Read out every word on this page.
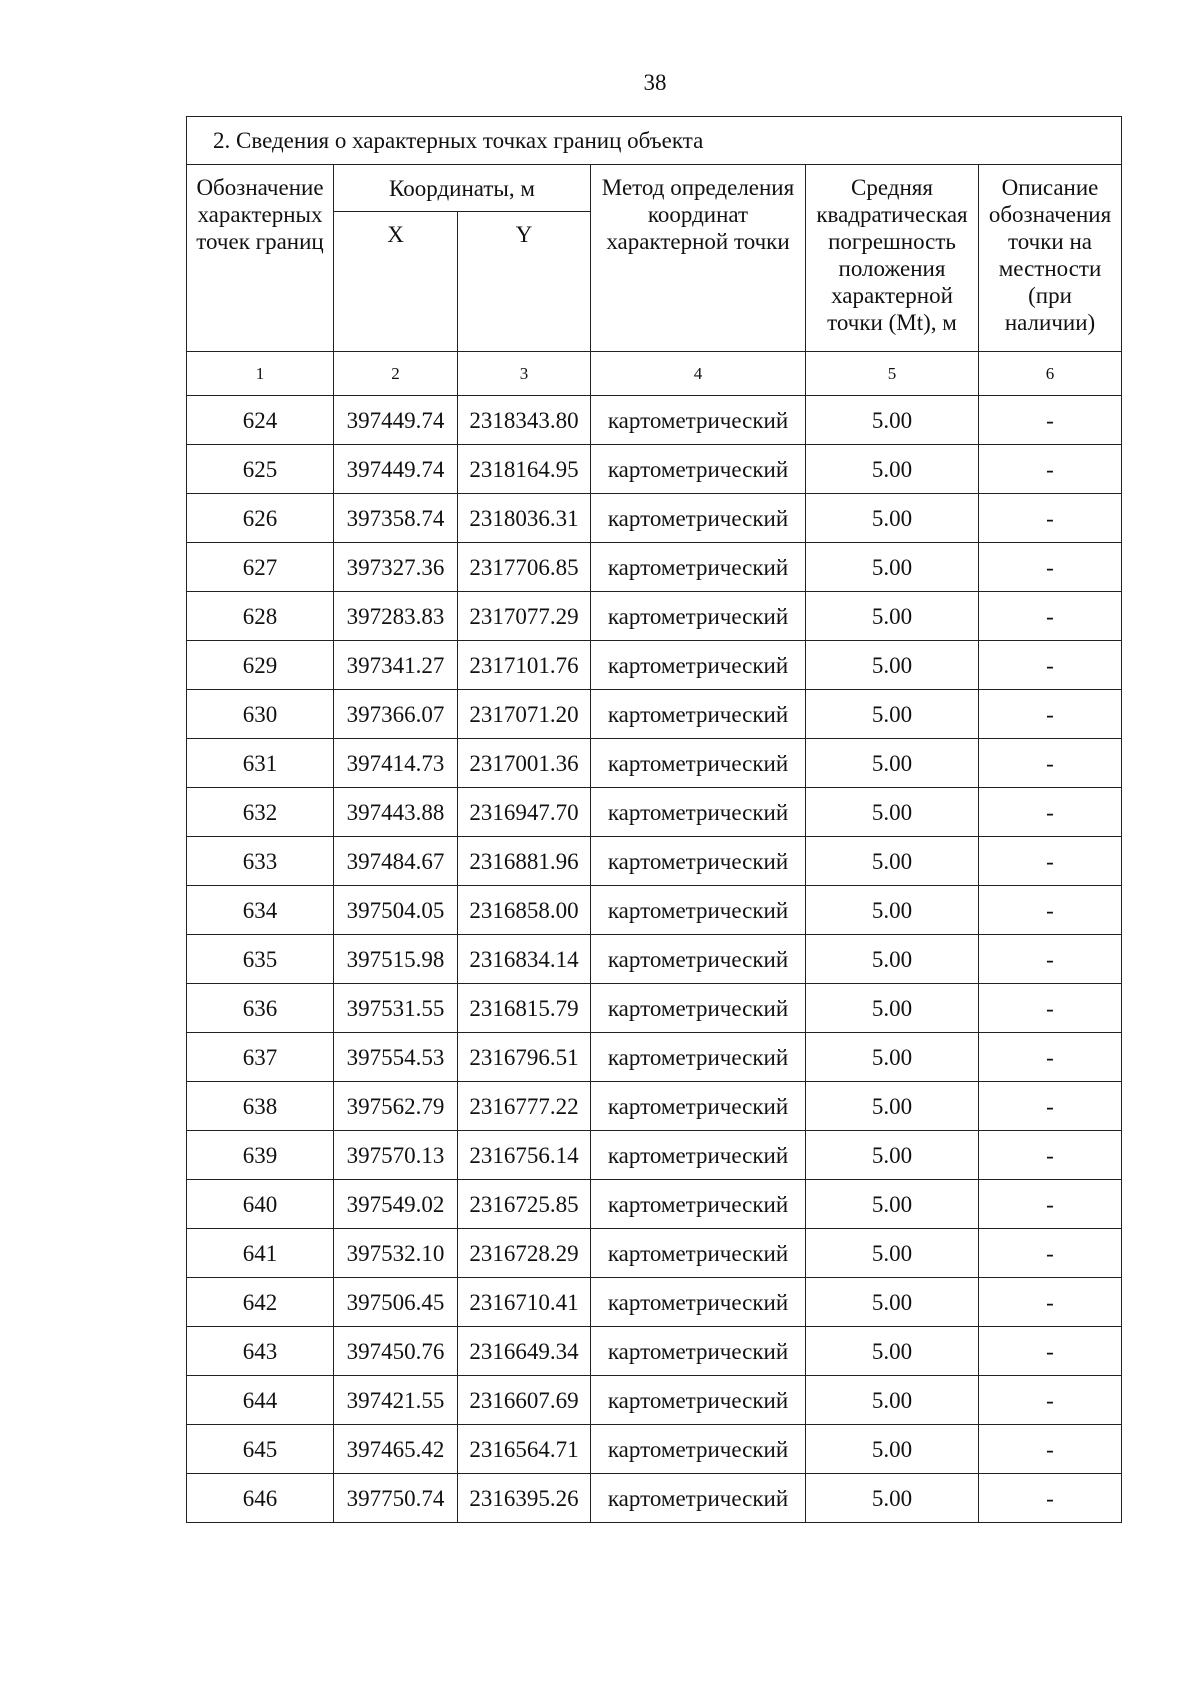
38
2. Сведения о характерных точках границ объекта					
Обозначение характерных точек границ	Координаты, м		Метод определения координат характерной точки	Средняя квадратическая погрешность положения характерной точки (Mt), м	Описание обозначения точки на местности (при наличии)
	X	Y			
1	2	3	4	5	6
624	397449.74	2318343.80	картометрический	5.00	-
625	397449.74	2318164.95	картометрический	5.00	-
626	397358.74	2318036.31	картометрический	5.00	-
627	397327.36	2317706.85	картометрический	5.00	-
628	397283.83	2317077.29	картометрический	5.00	-
629	397341.27	2317101.76	картометрический	5.00	-
630	397366.07	2317071.20	картометрический	5.00	-
631	397414.73	2317001.36	картометрический	5.00	-
632	397443.88	2316947.70	картометрический	5.00	-
633	397484.67	2316881.96	картометрический	5.00	-
634	397504.05	2316858.00	картометрический	5.00	-
635	397515.98	2316834.14	картометрический	5.00	-
636	397531.55	2316815.79	картометрический	5.00	-
637	397554.53	2316796.51	картометрический	5.00	-
638	397562.79	2316777.22	картометрический	5.00	-
639	397570.13	2316756.14	картометрический	5.00	-
640	397549.02	2316725.85	картометрический	5.00	-
641	397532.10	2316728.29	картометрический	5.00	-
642	397506.45	2316710.41	картометрический	5.00	-
643	397450.76	2316649.34	картометрический	5.00	-
644	397421.55	2316607.69	картометрический	5.00	-
645	397465.42	2316564.71	картометрический	5.00	-
646	397750.74	2316395.26	картометрический	5.00	-
